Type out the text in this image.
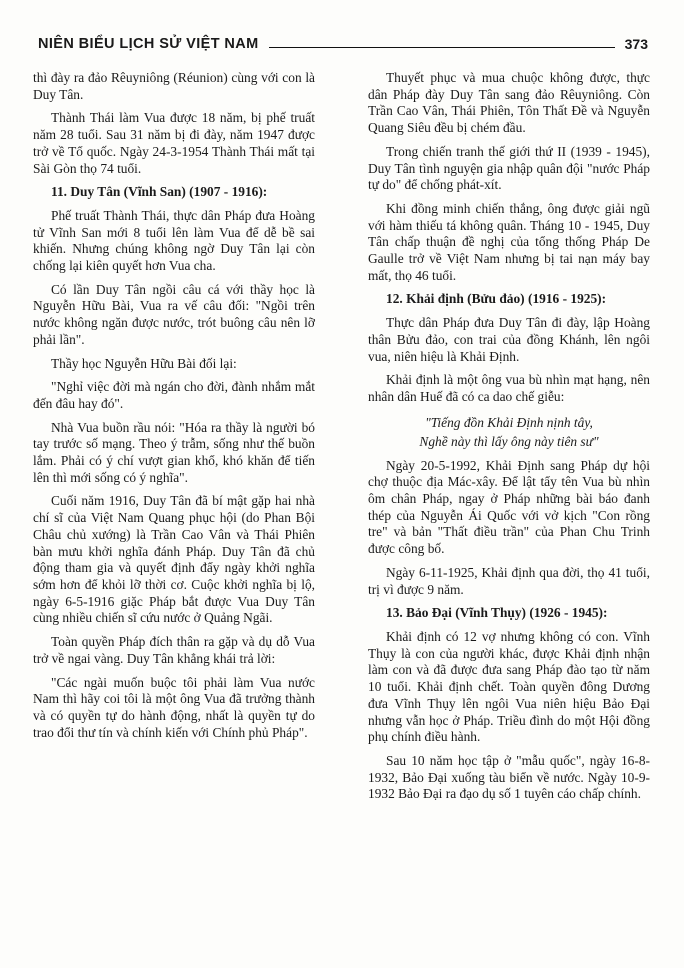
NIÊN BIỂU LỊCH SỬ VIỆT NAM	373

thì đày ra đảo Rêuyniông (Réunion) cùng với con là Duy Tân.

Thành Thái làm Vua được 18 năm, bị phế truất năm 28 tuổi. Sau 31 năm bị đi đày, năm 1947 được trở về Tổ quốc. Ngày 24-3-1954 Thành Thái mất tại Sài Gòn thọ 74 tuổi.

11. Duy Tân (Vĩnh San) (1907 - 1916):

Phế truất Thành Thái, thực dân Pháp đưa Hoàng tử Vĩnh San mới 8 tuổi lên làm Vua để dễ bề sai khiến. Nhưng chúng không ngờ Duy Tân lại còn chống lại kiên quyết hơn Vua cha.

Có lần Duy Tân ngồi câu cá với thầy học là Nguyễn Hữu Bài, Vua ra vế câu đối: "Ngồi trên nước không ngăn được nước, trót buông câu nên lỡ phải lần".

Thầy học Nguyễn Hữu Bài đối lại:

"Nghỉ việc đời mà ngán cho đời, đành nhắm mắt đến đâu hay đó".

Nhà Vua buồn rầu nói: "Hóa ra thầy là người bó tay trước số mạng. Theo ý trẫm, sống như thế buồn lắm. Phải có ý chí vượt gian khổ, khó khăn để tiến lên thì mới sống có ý nghĩa".

Cuối năm 1916, Duy Tân đã bí mật gặp hai nhà chí sĩ của Việt Nam Quang phục hội (do Phan Bội Châu chủ xướng) là Trần Cao Vân và Thái Phiên bàn mưu khởi nghĩa đánh Pháp. Duy Tân đã chủ động tham gia và quyết định đẩy ngày khởi nghĩa sớm hơn để khỏi lỡ thời cơ. Cuộc khởi nghĩa bị lộ, ngày 6-5-1916 giặc Pháp bắt được Vua Duy Tân cùng nhiều chiến sĩ cứu nước ở Quảng Ngãi.

Toàn quyền Pháp đích thân ra gặp và dụ dỗ Vua trở về ngai vàng. Duy Tân khẳng khái trả lời:

"Các ngài muốn buộc tôi phải làm Vua nước Nam thì hãy coi tôi là một ông Vua đã trưởng thành và có quyền tự do hành động, nhất là quyền tự do trao đổi thư tín và chính kiến với Chính phủ Pháp".

Thuyết phục và mua chuộc không được, thực dân Pháp đày Duy Tân sang đảo Rêuyniông. Còn Trần Cao Vân, Thái Phiên, Tôn Thất Đề và Nguyễn Quang Siêu đều bị chém đầu.

Trong chiến tranh thế giới thứ II (1939 - 1945), Duy Tân tình nguyện gia nhập quân đội "nước Pháp tự do" để chống phát-xít.

Khi đồng minh chiến thắng, ông được giải ngũ với hàm thiếu tá không quân. Tháng 10 - 1945, Duy Tân chấp thuận đề nghị của tổng thống Pháp De Gaulle trở về Việt Nam nhưng bị tai nạn máy bay mất, thọ 46 tuổi.

12. Khải định (Bửu đảo) (1916 - 1925):

Thực dân Pháp đưa Duy Tân đi đày, lập Hoàng thân Bửu đảo, con trai của đồng Khánh, lên ngôi vua, niên hiệu là Khải Định.

Khải định là một ông vua bù nhìn mạt hạng, nên nhân dân Huế đã có ca dao chế giễu:

"Tiếng đồn Khải Định nịnh tây,
Nghề này thì lấy ông này tiên sư"

Ngày 20-5-1992, Khải Định sang Pháp dự hội chợ thuộc địa Mác-xây. Để lật tẩy tên Vua bù nhìn ôm chân Pháp, ngay ở Pháp những bài báo đanh thép của Nguyễn Ái Quốc với vở kịch "Con rồng tre" và bản "Thất điều trần" của Phan Chu Trinh được công bố.

Ngày 6-11-1925, Khải định qua đời, thọ 41 tuổi, trị vì được 9 năm.

13. Bảo Đại (Vĩnh Thụy) (1926 - 1945):

Khải định có 12 vợ nhưng không có con. Vĩnh Thụy là con của người khác, được Khải định nhận làm con và đã được đưa sang Pháp đào tạo từ năm 10 tuổi. Khải định chết. Toàn quyền đông Dương đưa Vĩnh Thụy lên ngôi Vua niên hiệu Bảo Đại nhưng vẫn học ở Pháp. Triều đình do một Hội đồng phụ chính điều hành.

Sau 10 năm học tập ở "mẫu quốc", ngày 16-8-1932, Bảo Đại xuống tàu biển về nước. Ngày 10-9-1932 Bảo Đại ra đạo dụ số 1 tuyên cáo chấp chính.
